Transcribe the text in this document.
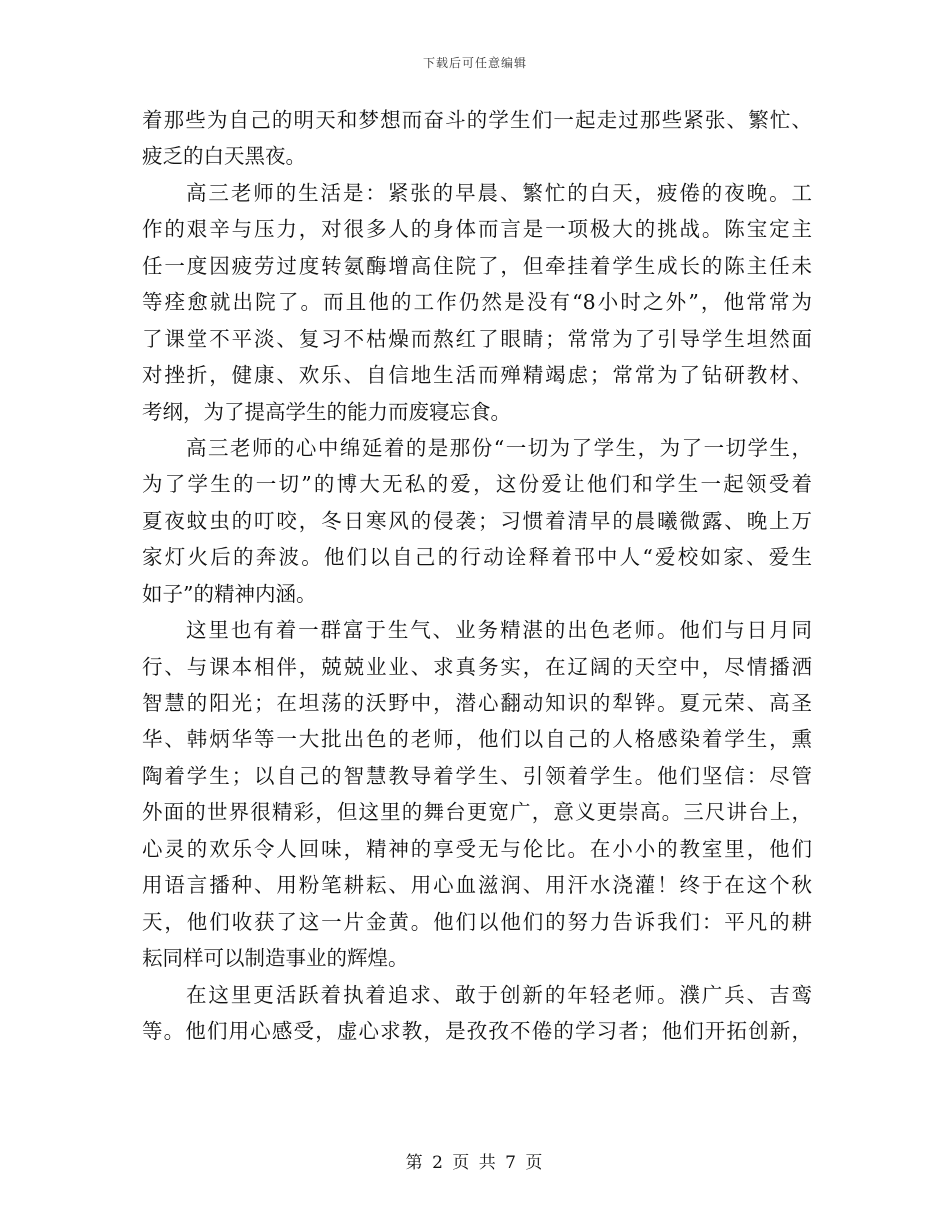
下载后可任意编辑
着那些为自己的明天和梦想而奋斗的学生们一起走过那些紧张、繁忙、
疲乏的白天黑夜。
高三老师的生活是：紧张的早晨、繁忙的白天，疲倦的夜晚。工
作的艰辛与压力，对很多人的身体而言是一项极大的挑战。陈宝定主
任一度因疲劳过度转氨酶增高住院了，但牵挂着学生成长的陈主任未
等痊愈就出院了。而且他的工作仍然是没有“8小时之外”，他常常为
了课堂不平淡、复习不枯燥而熬红了眼睛；常常为了引导学生坦然面
对挫折，健康、欢乐、自信地生活而殚精竭虑；常常为了钻研教材、
考纲，为了提高学生的能力而废寝忘食。
高三老师的心中绵延着的是那份“一切为了学生，为了一切学生，
为了学生的一切”的博大无私的爱，这份爱让他们和学生一起领受着
夏夜蚊虫的叮咬，冬日寒风的侵袭；习惯着清早的晨曦微露、晚上万
家灯火后的奔波。他们以自己的行动诠释着邗中人“爱校如家、爱生
如子”的精神内涵。
这里也有着一群富于生气、业务精湛的出色老师。他们与日月同
行、与课本相伴，兢兢业业、求真务实，在辽阔的天空中，尽情播洒
智慧的阳光；在坦荡的沃野中，潜心翻动知识的犁铧。夏元荣、高圣
华、韩炳华等一大批出色的老师，他们以自己的人格感染着学生，熏
陶着学生；以自己的智慧教导着学生、引领着学生。他们坚信：尽管
外面的世界很精彩，但这里的舞台更宽广，意义更崇高。三尺讲台上，
心灵的欢乐令人回味，精神的享受无与伦比。在小小的教室里，他们
用语言播种、用粉笔耕耘、用心血滋润、用汗水浇灌！终于在这个秋
天，他们收获了这一片金黄。他们以他们的努力告诉我们：平凡的耕
耘同样可以制造事业的辉煌。
在这里更活跃着执着追求、敢于创新的年轻老师。濮广兵、吉鸾
等。他们用心感受，虚心求教，是孜孜不倦的学习者；他们开拓创新，
第 2 页 共 7 页
